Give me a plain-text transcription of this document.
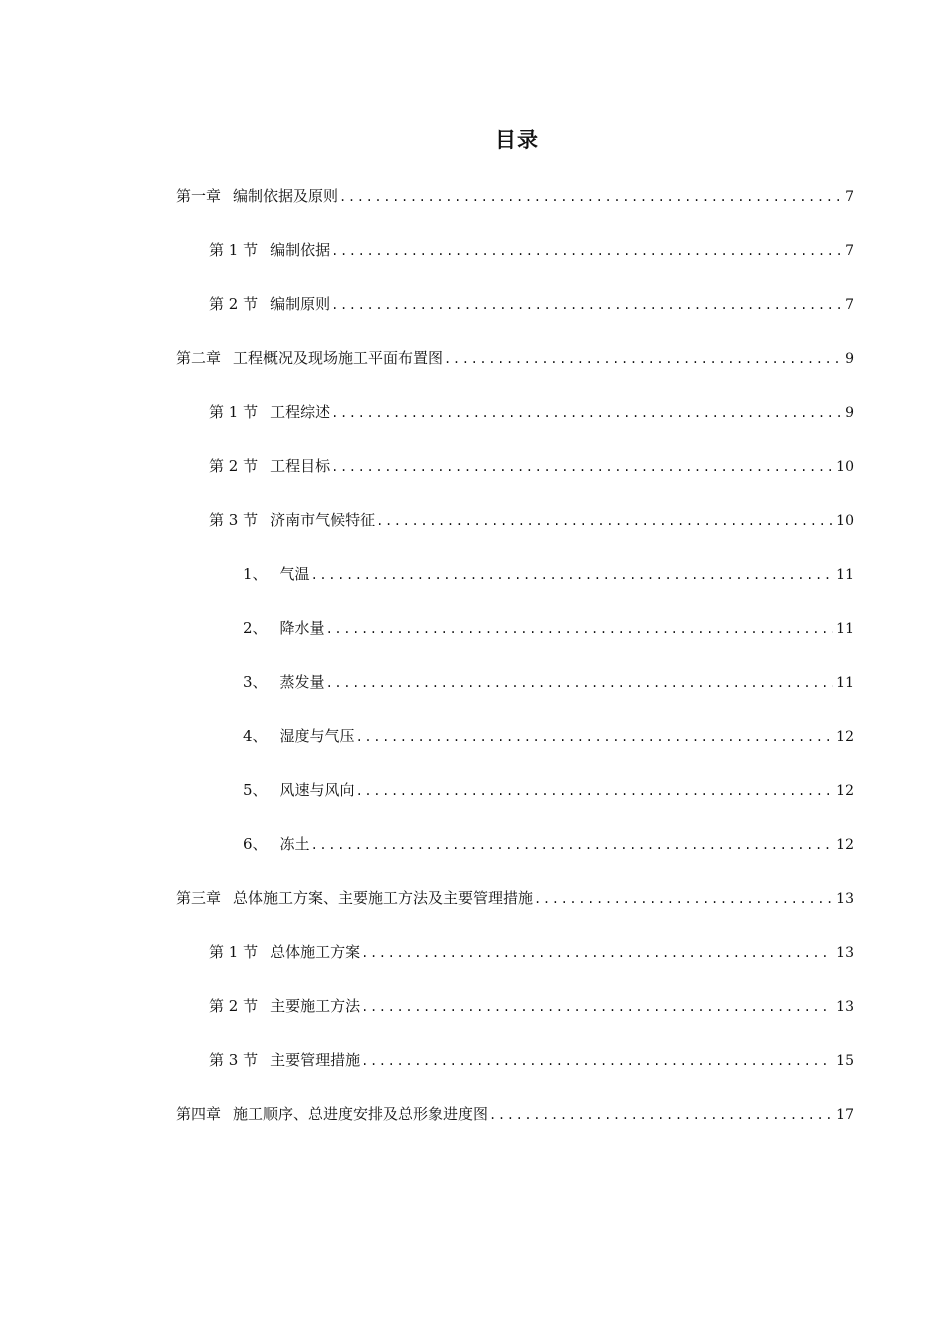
目录
第一章 编制依据及原则 . . .	7
第 1 节 编制依据 . . .	7
第 2 节 编制原则 . . .	7
第二章 工程概况及现场施工平面布置图 . . .	9
第 1 节 工程综述 . . .	9
第 2 节 工程目标 . . .	10
第 3 节 济南市气候特征 . . .	10
1、 气温 . . .	11
2、 降水量 . . .	11
3、 蒸发量 . . .	11
4、 湿度与气压 . . .	12
5、 风速与风向 . . .	12
6、 冻土 . . .	12
第三章 总体施工方案、主要施工方法及主要管理措施 . . .	13
第 1 节 总体施工方案 . . .	13
第 2 节 主要施工方法 . . .	13
第 3 节 主要管理措施 . . .	15
第四章 施工顺序、总进度安排及总形象进度图 . . .	17
